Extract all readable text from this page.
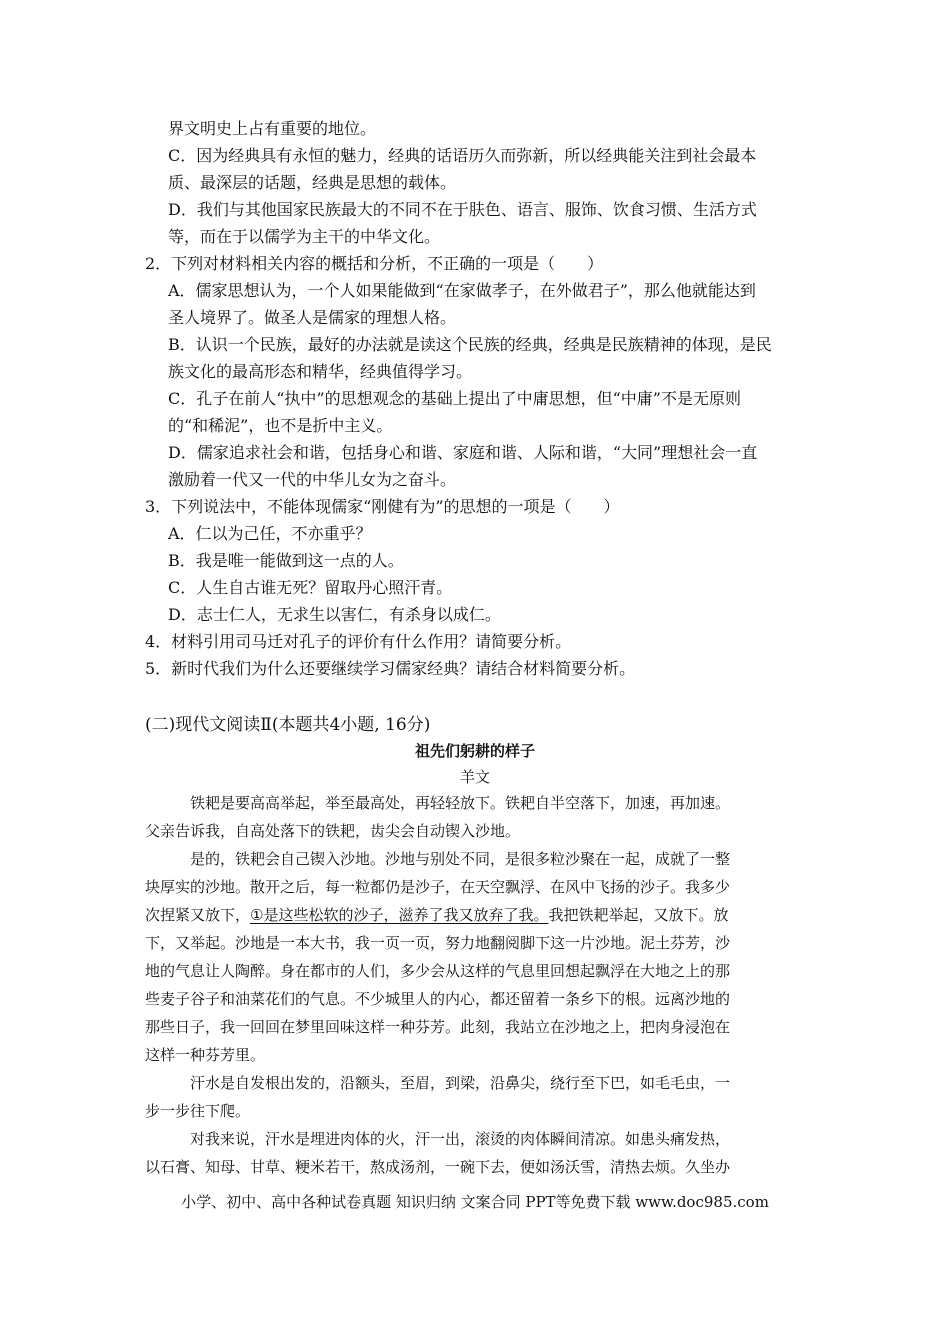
界文明史上占有重要的地位。
C．因为经典具有永恒的魅力，经典的话语历久而弥新，所以经典能关注到社会最本
质、最深层的话题，经典是思想的载体。
D．我们与其他国家民族最大的不同不在于肤色、语言、服饰、饮食习惯、生活方式
等，而在于以儒学为主干的中华文化。
2．下列对材料相关内容的概括和分析，不正确的一项是（　　）
A．儒家思想认为，一个人如果能做到“在家做孝子，在外做君子”，那么他就能达到
圣人境界了。做圣人是儒家的理想人格。
B．认识一个民族，最好的办法就是读这个民族的经典，经典是民族精神的体现，是民
族文化的最高形态和精华，经典值得学习。
C．孔子在前人“执中”的思想观念的基础上提出了中庸思想，但“中庸”不是无原则
的“和稀泥”，也不是折中主义。
D．儒家追求社会和谐，包括身心和谐、家庭和谐、人际和谐，“大同”理想社会一直
激励着一代又一代的中华儿女为之奋斗。
3．下列说法中，不能体现儒家“刚健有为”的思想的一项是（　　）
A．仁以为己任，不亦重乎？
B．我是唯一能做到这一点的人。
C．人生自古谁无死？留取丹心照汗青。
D．志士仁人，无求生以害仁，有杀身以成仁。
4．材料引用司马迁对孔子的评价有什么作用？请简要分析。
5．新时代我们为什么还要继续学习儒家经典？请结合材料简要分析。
(二)现代文阅读Ⅱ(本题共4小题, 16分)
祖先们躬耕的样子
羊文
铁耙是要高高举起，举至最高处，再轻轻放下。铁耙自半空落下，加速，再加速。
父亲告诉我，自高处落下的铁耙，齿尖会自动锲入沙地。
是的，铁耙会自己锲入沙地。沙地与别处不同，是很多粒沙聚在一起，成就了一整
块厚实的沙地。散开之后，每一粒都仍是沙子，在天空飘浮、在风中飞扬的沙子。我多少
次捏紧又放下，①是这些松软的沙子，滋养了我又放弃了我。我把铁耙举起，又放下。放
下，又举起。沙地是一本大书，我一页一页，努力地翻阅脚下这一片沙地。泥土芬芳，沙
地的气息让人陶醉。身在都市的人们，多少会从这样的气息里回想起飘浮在大地之上的那
些麦子谷子和油菜花们的气息。不少城里人的内心，都还留着一条乡下的根。远离沙地的
那些日子，我一回回在梦里回味这样一种芬芳。此刻，我站立在沙地之上，把肉身浸泡在
这样一种芬芳里。
汗水是自发根出发的，沿额头，至眉，到梁，沿鼻尖，绕行至下巴，如毛毛虫，一
步一步往下爬。
对我来说，汗水是埋进肉体的火，汗一出，滚烫的肉体瞬间清凉。如患头痛发热，
以石膏、知母、甘草、粳米若干，熬成汤剂，一碗下去，便如汤沃雪，清热去烦。久坐办
小学、初中、高中各种试卷真题 知识归纳 文案合同 PPT等免费下载 www.doc985.com
